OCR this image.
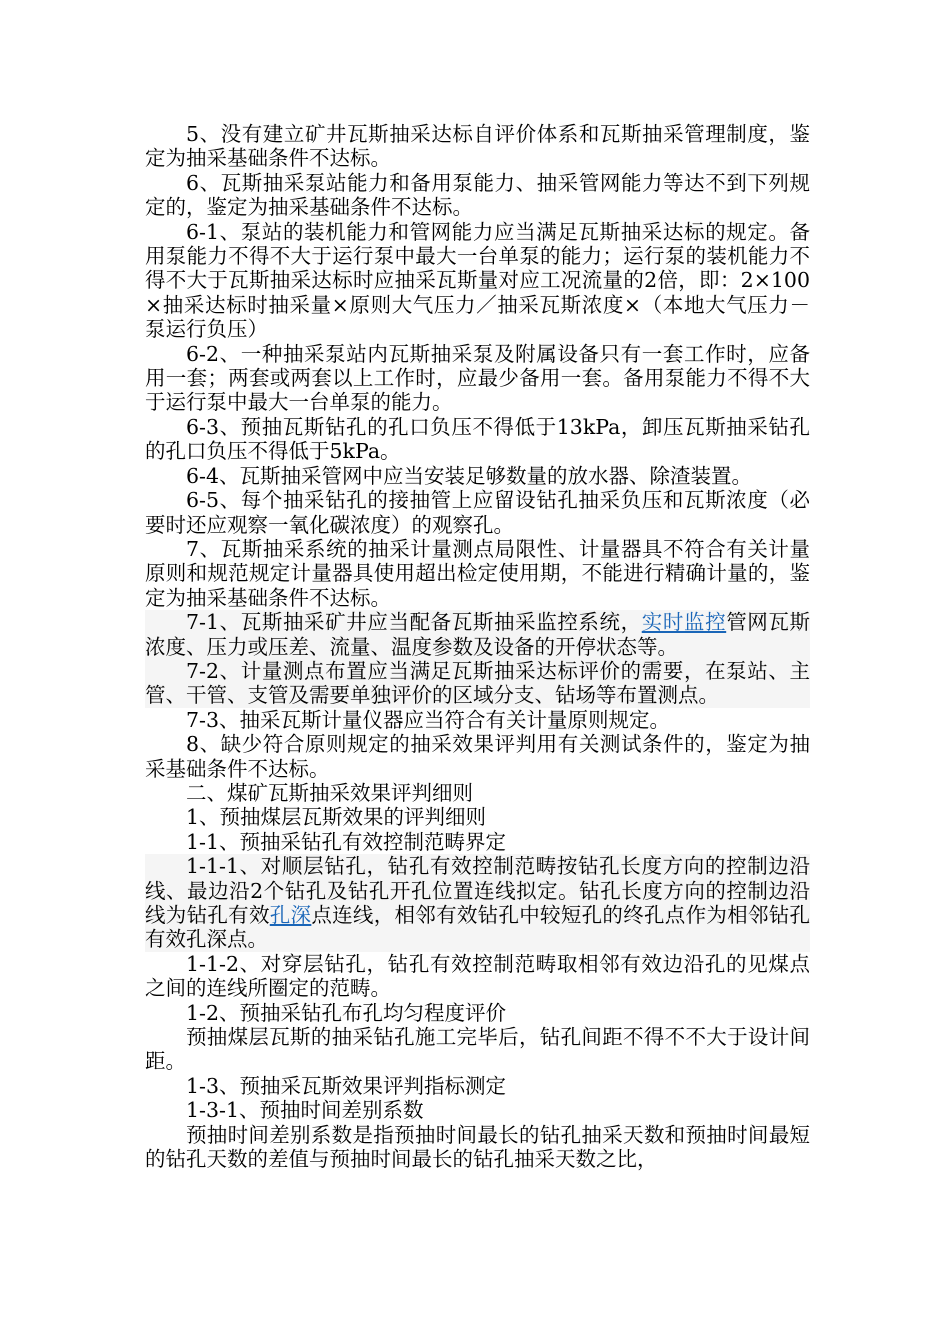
5、没有建立矿井瓦斯抽采达标自评价体系和瓦斯抽采管理制度，鉴定为抽采基础条件不达标。

6、瓦斯抽采泵站能力和备用泵能力、抽采管网能力等达不到下列规定的，鉴定为抽采基础条件不达标。

6-1、泵站的装机能力和管网能力应当满足瓦斯抽采达标的规定。备用泵能力不得不大于运行泵中最大一台单泵的能力；运行泵的装机能力不得不大于瓦斯抽采达标时应抽采瓦斯量对应工况流量的2倍，即：2×100×抽采达标时抽采量×原则大气压力／抽采瓦斯浓度×（本地大气压力－泵运行负压）

6-2、一种抽采泵站内瓦斯抽采泵及附属设备只有一套工作时，应备用一套；两套或两套以上工作时，应最少备用一套。备用泵能力不得不大于运行泵中最大一台单泵的能力。

6-3、预抽瓦斯钻孔的孔口负压不得低于13kPa，卸压瓦斯抽采钻孔的孔口负压不得低于5kPa。

6-4、瓦斯抽采管网中应当安装足够数量的放水器、除渣装置。

6-5、每个抽采钻孔的接抽管上应留设钻孔抽采负压和瓦斯浓度（必要时还应观察一氧化碳浓度）的观察孔。

7、瓦斯抽采系统的抽采计量测点局限性、计量器具不符合有关计量原则和规范规定计量器具使用超出检定使用期，不能进行精确计量的，鉴定为抽采基础条件不达标。

7-1、瓦斯抽采矿井应当配备瓦斯抽采监控系统，实时监控管网瓦斯浓度、压力或压差、流量、温度参数及设备的开停状态等。

7-2、计量测点布置应当满足瓦斯抽采达标评价的需要，在泵站、主管、干管、支管及需要单独评价的区域分支、钻场等布置测点。

7-3、抽采瓦斯计量仪器应当符合有关计量原则规定。

8、缺少符合原则规定的抽采效果评判用有关测试条件的，鉴定为抽采基础条件不达标。

二、煤矿瓦斯抽采效果评判细则

1、预抽煤层瓦斯效果的评判细则

1-1、预抽采钻孔有效控制范畴界定

1-1-1、对顺层钻孔，钻孔有效控制范畴按钻孔长度方向的控制边沿线、最边沿2个钻孔及钻孔开孔位置连线拟定。钻孔长度方向的控制边沿线为钻孔有效孔深点连线，相邻有效钻孔中较短孔的终孔点作为相邻钻孔有效孔深点。

1-1-2、对穿层钻孔，钻孔有效控制范畴取相邻有效边沿孔的见煤点之间的连线所圈定的范畴。

1-2、预抽采钻孔布孔均匀程度评价

预抽煤层瓦斯的抽采钻孔施工完毕后，钻孔间距不得不不大于设计间距。

1-3、预抽采瓦斯效果评判指标测定

1-3-1、预抽时间差别系数

预抽时间差别系数是指预抽时间最长的钻孔抽采天数和预抽时间最短的钻孔天数的差值与预抽时间最长的钻孔抽采天数之比，
